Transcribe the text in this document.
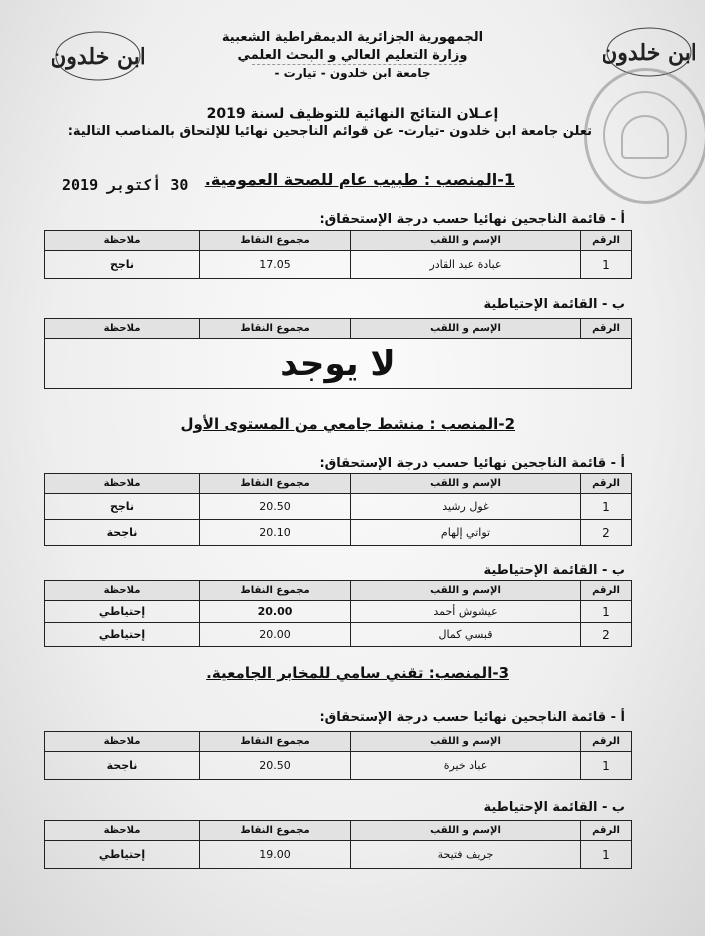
ابن خلدون	ابن خلدون
الجمهورية الجزائرية الديمقراطية الشعبية
وزارة التعليم العالي و البحث العلمي
جامعة ابن خلدون - تيارت -
إعـلان النتائج النهائية للتوظيف لسنة 2019
تعلن جامعة ابن خلدون -تيارت- عن قوائم الناجحين نهائيا للإلتحاق بالمناصب التالية:
30 أكتوبر 2019 1-المنصب : طبيب عام للصحة العمومية.
أ - قائمة الناجحين نهائيا حسب درجة الإستحقاق:
الرقم	الإسم و اللقب	مجموع النقاط	ملاحظة
1	عبادة عبد القادر	17.05	ناجح
ب - القائمة الإحتياطية
الرقم	الإسم و اللقب	مجموع النقاط	ملاحظة
لا يوجد
2-المنصب : منشط جامعي من المستوى الأول
أ - قائمة الناجحين نهائيا حسب درجة الإستحقاق:
الرقم	الإسم و اللقب	مجموع النقاط	ملاحظة
1	غول رشيد	20.50	ناجح
2	تواتي إلهام	20.10	ناجحة
ب - القائمة الإحتياطية
الرقم	الإسم و اللقب	مجموع النقاط	ملاحظة
1	عيشوش أحمد	20.00	إحتياطي
2	قبسي كمال	20.00	إحتياطي
3-المنصب: تقني سامي للمخابر الجامعية.
أ - قائمة الناجحين نهائيا حسب درجة الإستحقاق:
الرقم	الإسم و اللقب	مجموع النقاط	ملاحظة
1	عباد خيرة	20.50	ناجحة
ب - القائمة الإحتياطية
الرقم	الإسم و اللقب	مجموع النقاط	ملاحظة
1	جريف فتيحة	19.00	إحتياطي
